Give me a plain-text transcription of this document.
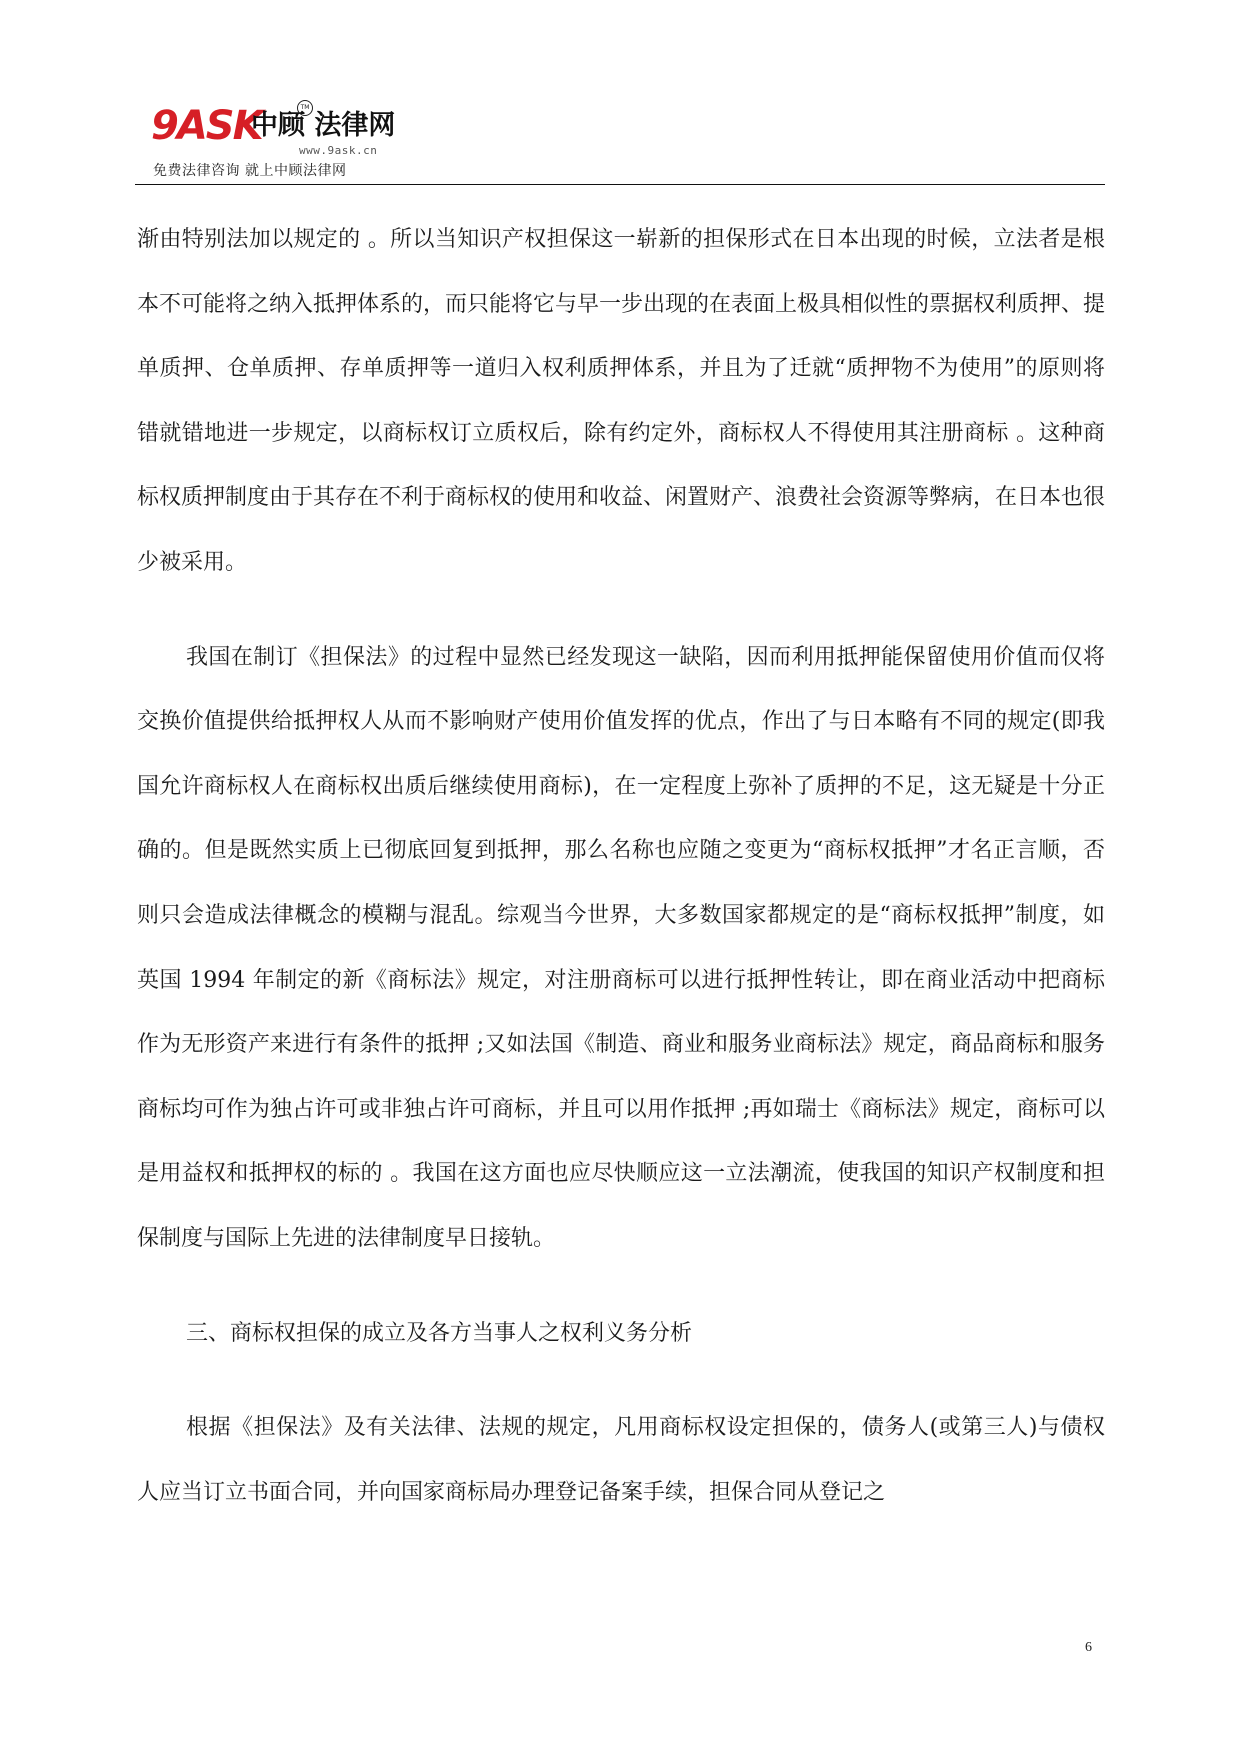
9ASK
中顾 法律网
TM
www.9ask.cn
免费法律咨询 就上中顾法律网

渐由特别法加以规定的 。所以当知识产权担保这一崭新的担保形式在日本出现的时候，立法者是根本不可能将之纳入抵押体系的，而只能将它与早一步出现的在表面上极具相似性的票据权利质押、提单质押、仓单质押、存单质押等一道归入权利质押体系，并且为了迁就“质押物不为使用”的原则将错就错地进一步规定，以商标权订立质权后，除有约定外，商标权人不得使用其注册商标 。这种商标权质押制度由于其存在不利于商标权的使用和收益、闲置财产、浪费社会资源等弊病，在日本也很少被采用。

我国在制订《担保法》的过程中显然已经发现这一缺陷，因而利用抵押能保留使用价值而仅将交换价值提供给抵押权人从而不影响财产使用价值发挥的优点，作出了与日本略有不同的规定(即我国允许商标权人在商标权出质后继续使用商标)，在一定程度上弥补了质押的不足，这无疑是十分正确的。但是既然实质上已彻底回复到抵押，那么名称也应随之变更为“商标权抵押”才名正言顺，否则只会造成法律概念的模糊与混乱。综观当今世界，大多数国家都规定的是“商标权抵押”制度，如英国 1994 年制定的新《商标法》规定，对注册商标可以进行抵押性转让，即在商业活动中把商标作为无形资产来进行有条件的抵押 ;又如法国《制造、商业和服务业商标法》规定，商品商标和服务商标均可作为独占许可或非独占许可商标，并且可以用作抵押 ;再如瑞士《商标法》规定，商标可以是用益权和抵押权的标的 。我国在这方面也应尽快顺应这一立法潮流，使我国的知识产权制度和担保制度与国际上先进的法律制度早日接轨。

三、商标权担保的成立及各方当事人之权利义务分析

根据《担保法》及有关法律、法规的规定，凡用商标权设定担保的，债务人(或第三人)与债权人应当订立书面合同，并向国家商标局办理登记备案手续，担保合同从登记之

6
